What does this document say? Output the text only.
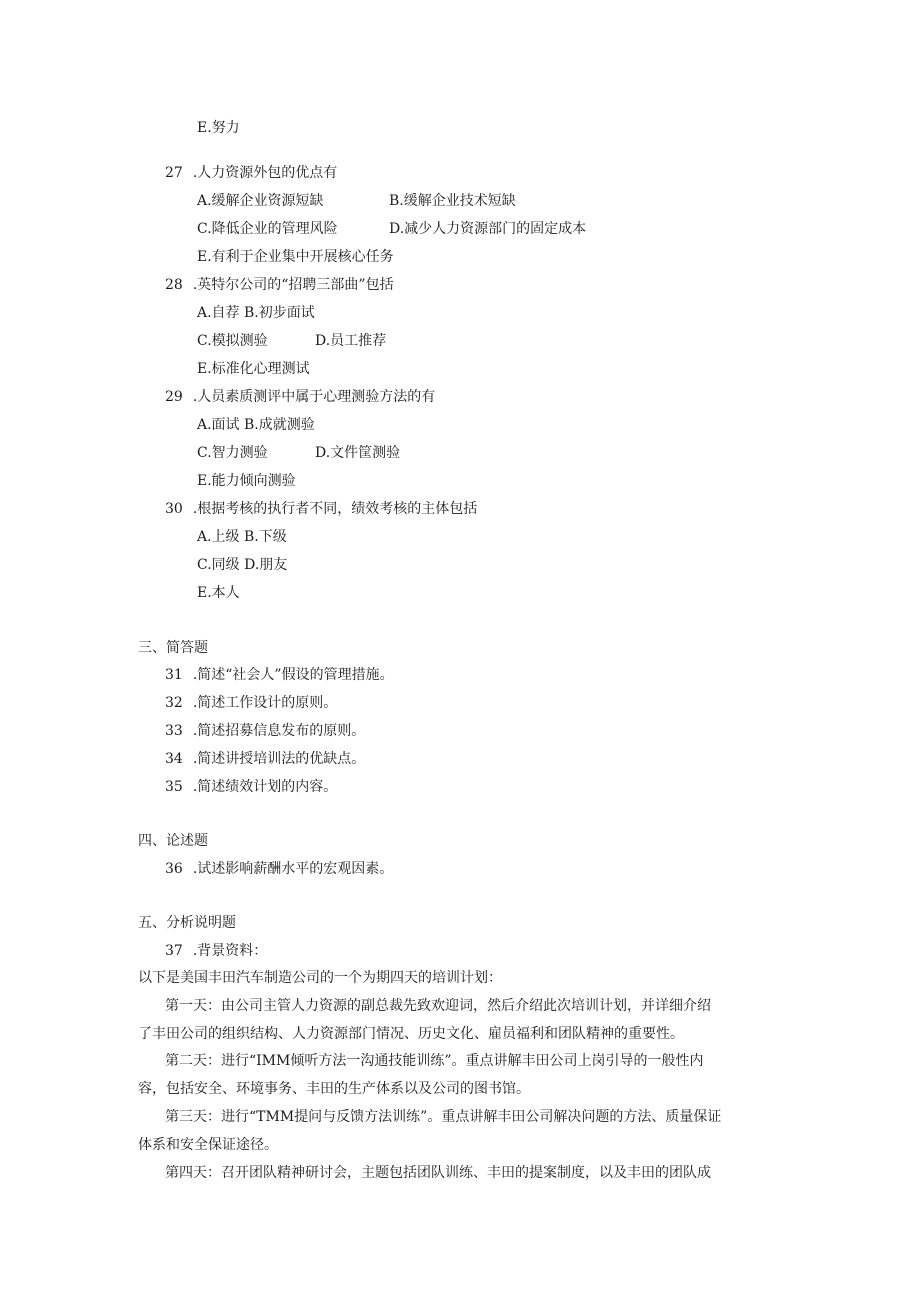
E.努力
27 .人力资源外包的优点有
A.缓解企业资源短缺	B.缓解企业技术短缺
C.降低企业的管理风险	D.减少人力资源部门的固定成本
E.有利于企业集中开展核心任务
28 .英特尔公司的“招聘三部曲”包括
A.自荐 B.初步面试
C.模拟测验	D.员工推荐
E.标准化心理测试
29 .人员素质测评中属于心理测验方法的有
A.面试 B.成就测验
C.智力测验	D.文件筐测验
E.能力倾向测验
30 .根据考核的执行者不同，绩效考核的主体包括
A.上级 B.下级
C.同级 D.朋友
E.本人
三、简答题
31 .简述“社会人”假设的管理措施。
32 .简述工作设计的原则。
33 .简述招募信息发布的原则。
34 .简述讲授培训法的优缺点。
35 .简述绩效计划的内容。
四、论述题
36 .试述影响薪酬水平的宏观因素。
五、分析说明题
37 .背景资料：
以下是美国丰田汽车制造公司的一个为期四天的培训计划：
第一天：由公司主管人力资源的副总裁先致欢迎词，然后介绍此次培训计划，并详细介绍
了丰田公司的组织结构、人力资源部门情况、历史文化、雇员福利和团队精神的重要性。
第二天：进行“IMM倾听方法一沟通技能训练”。重点讲解丰田公司上岗引导的一般性内
容，包括安全、环境事务、丰田的生产体系以及公司的图书馆。
第三天：进行“TMM提问与反馈方法训练”。重点讲解丰田公司解决问题的方法、质量保证
体系和安全保证途径。
第四天：召开团队精神研讨会，主题包括团队训练、丰田的提案制度，以及丰田的团队成
